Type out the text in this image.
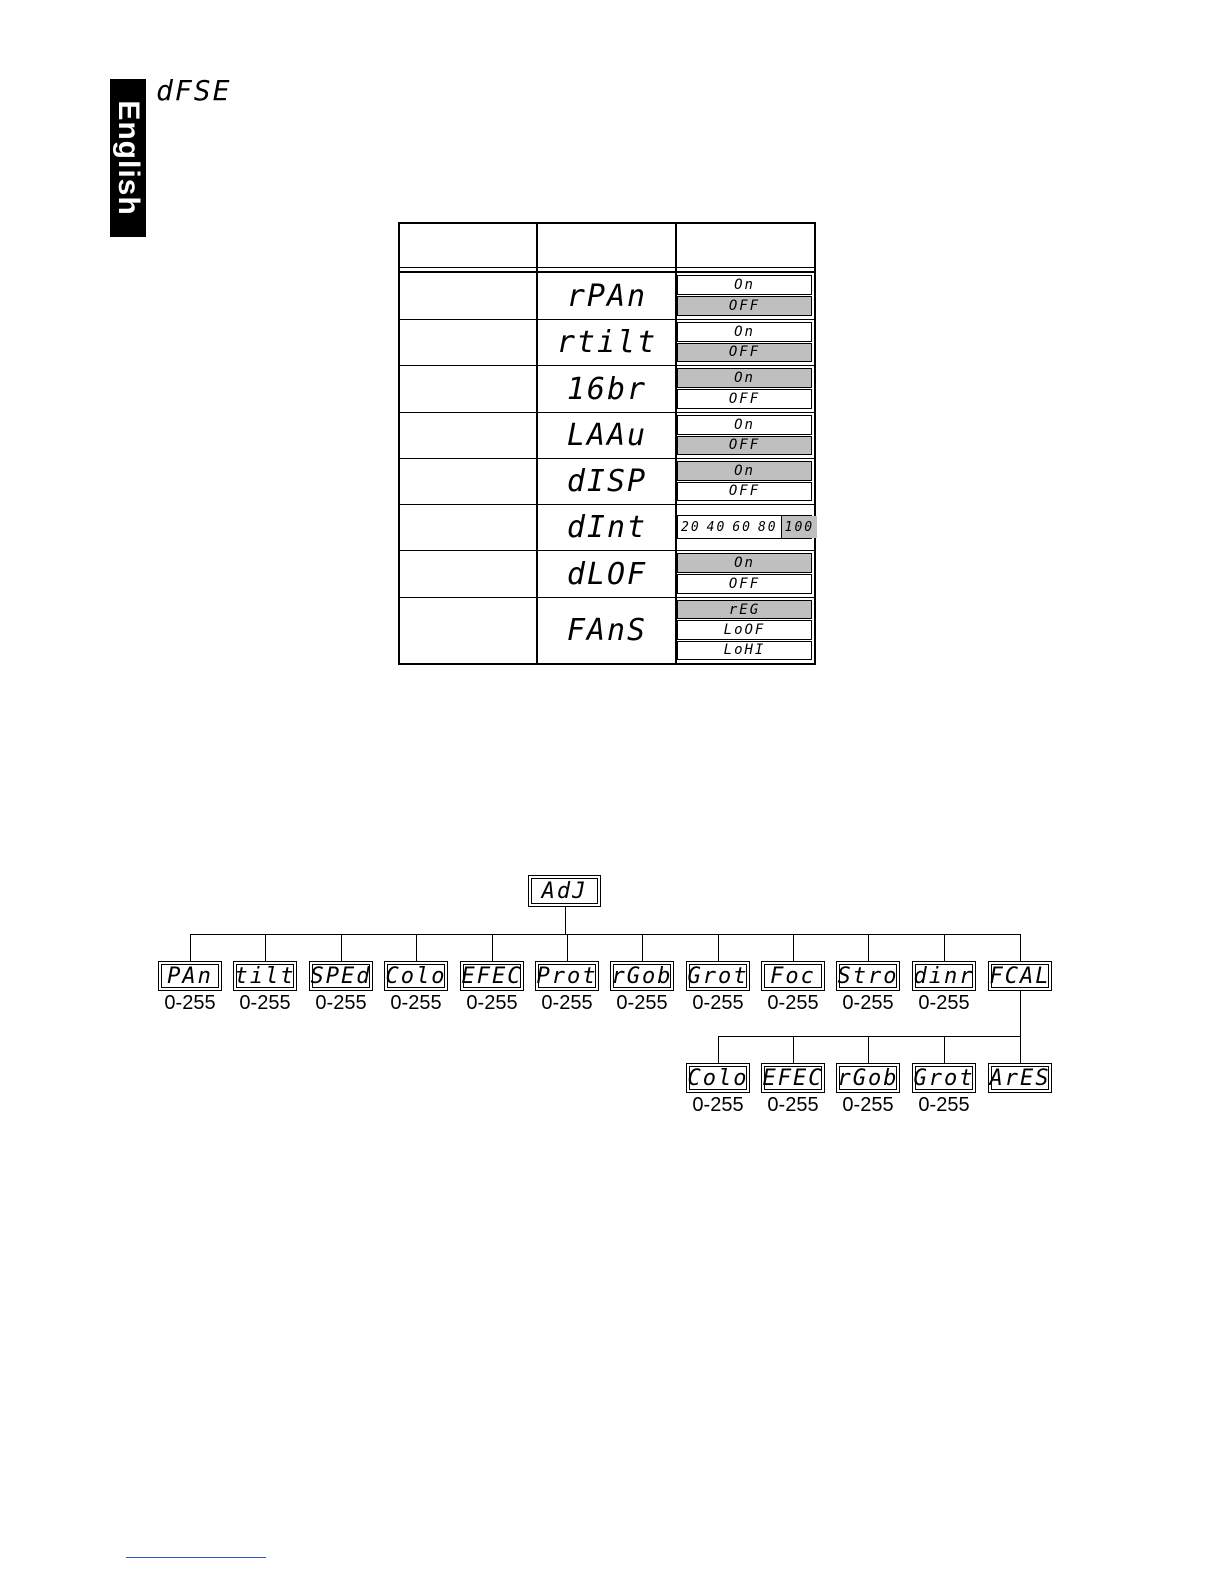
English
dFSE
rPAn	On
OFF
rtilt	On
OFF
16br	On
OFF
LAAu	On
OFF
dISP	On
OFF
dInt	20 40 60 80 100
dLOF	On
OFF
FAnS
rEG
LoOF
LoHI
AdJ
PAn
0-255
tilt
0-255
SPEd
0-255
Colo
0-255
EFEC
0-255
Prot
0-255
rGob
0-255
Grot
0-255
Foc
0-255
Stro
0-255
dinr
0-255
FCAL
Colo
0-255
EFEC
0-255
rGob
0-255
Grot
0-255
ArES
